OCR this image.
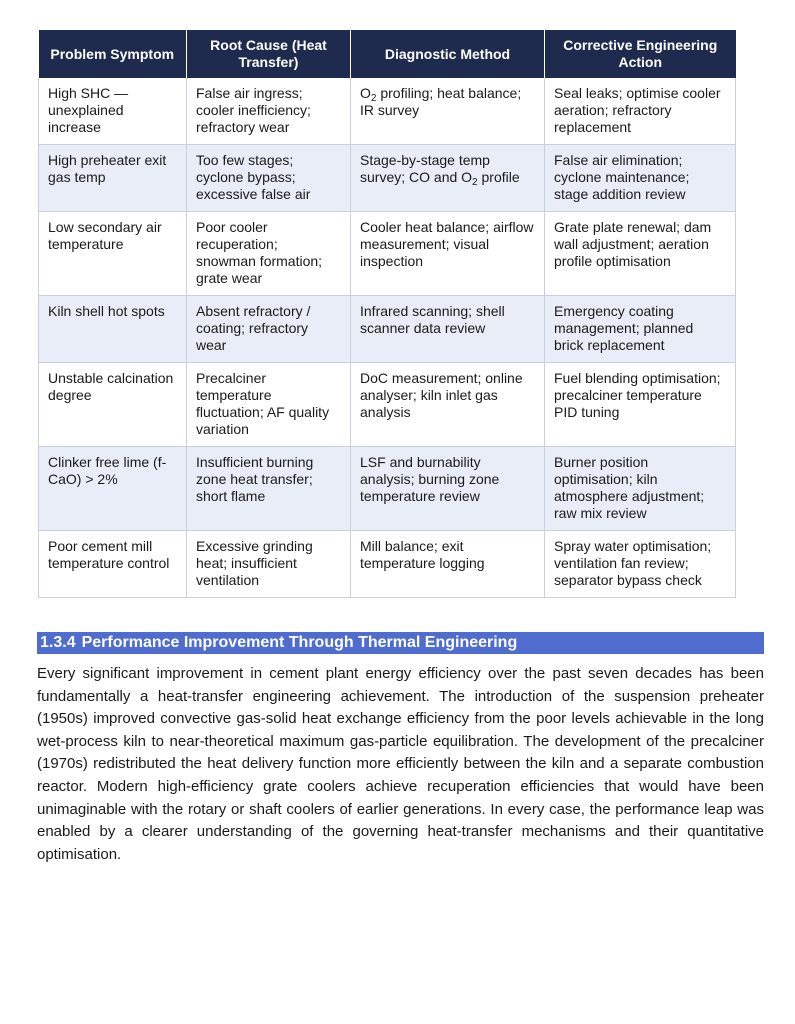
Problem Symptom	Root Cause (Heat Transfer)	Diagnostic Method	Corrective Engineering Action
High SHC — unexplained increase	False air ingress; cooler inefficiency; refractory wear	$O_2$ profiling; heat balance; IR survey	Seal leaks; optimise cooler aeration; refractory replacement
High preheater exit gas temp	Too few stages; cyclone bypass; excessive false air	Stage-by-stage temp survey; CO and $O_2$ profile	False air elimination; cyclone maintenance; stage addition review
Low secondary air temperature	Poor cooler recuperation; snowman formation; grate wear	Cooler heat balance; airflow measurement; visual inspection	Grate plate renewal; dam wall adjustment; aeration profile optimisation
Kiln shell hot spots	Absent refractory / coating; refractory wear	Infrared scanning; shell scanner data review	Emergency coating management; planned brick replacement
Unstable calcination degree	Precalciner temperature fluctuation; AF quality variation	DoC measurement; online analyser; kiln inlet gas analysis	Fuel blending optimisation; precalciner temperature PID tuning
Clinker free lime (f-CaO) > 2%	Insufficient burning zone heat transfer; short flame	LSF and burnability analysis; burning zone temperature review	Burner position optimisation; kiln atmosphere adjustment; raw mix review
Poor cement mill temperature control	Excessive grinding heat; insufficient ventilation	Mill balance; exit temperature logging	Spray water optimisation; ventilation fan review; separator bypass check
1.3.4 Performance Improvement Through Thermal Engineering

Every significant improvement in cement plant energy efficiency over the past seven decades has been fundamentally a heat-transfer engineering achievement. The introduction of the suspension preheater (1950s) improved convective gas-solid heat exchange efficiency from the poor levels achievable in the long wet-process kiln to near-theoretical maximum gas-particle equilibration. The development of the precalciner (1970s) redistributed the heat delivery function more efficiently between the kiln and a separate combustion reactor. Modern high-efficiency grate coolers achieve recuperation efficiencies that would have been unimaginable with the rotary or shaft coolers of earlier generations. In every case, the performance leap was enabled by a clearer understanding of the governing heat-transfer mechanisms and their quantitative optimisation.
